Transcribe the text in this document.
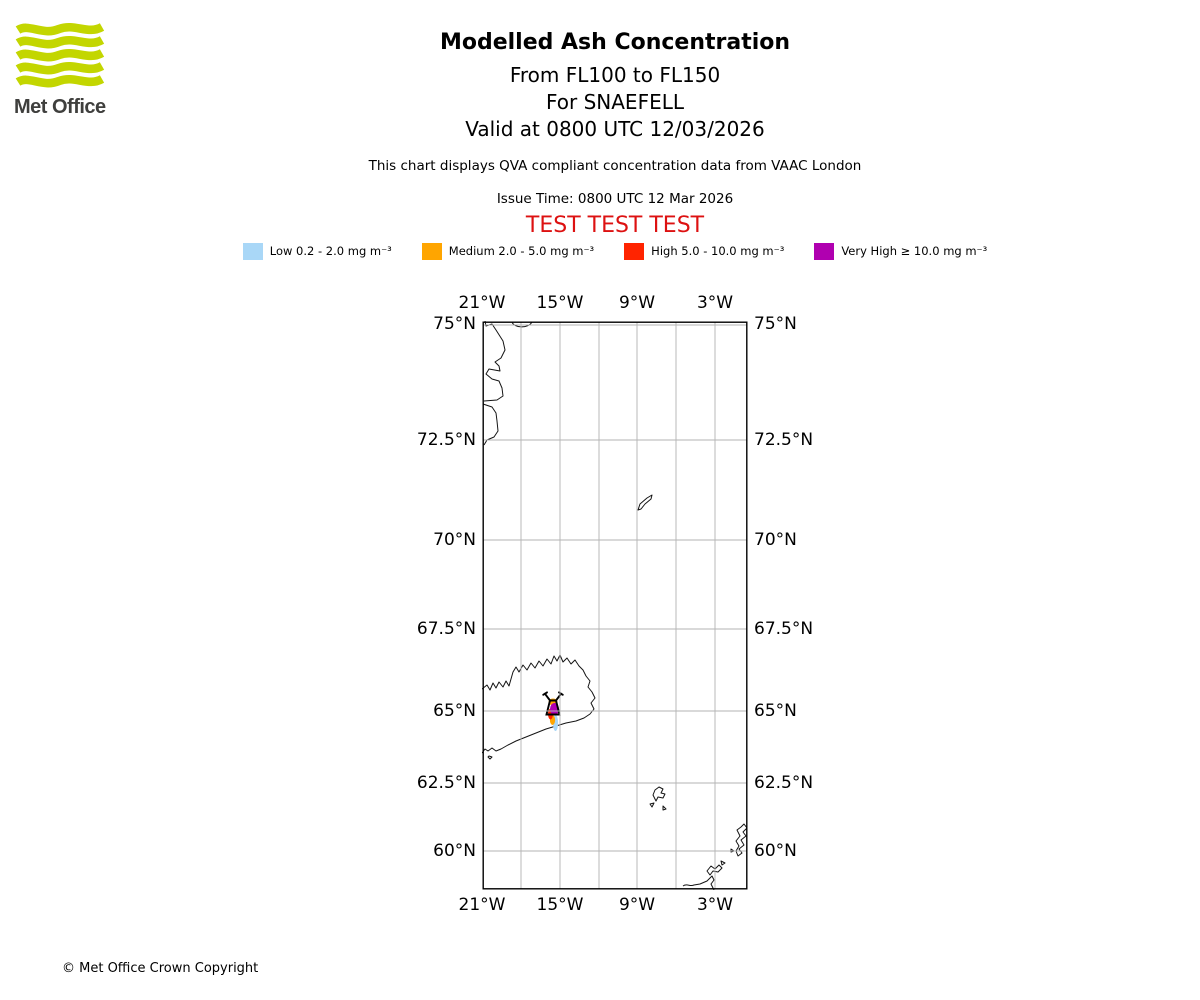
Met Office
Modelled Ash Concentration
From FL100 to FL150
For SNAEFELL
Valid at 0800 UTC 12/03/2026
This chart displays QVA compliant concentration data from VAAC London
Issue Time: 0800 UTC 12 Mar 2026
TEST TEST TEST
Low 0.2 - 2.0 mg m⁻³	Medium 2.0 - 5.0 mg m⁻³	High 5.0 - 10.0 mg m⁻³	Very High ≥ 10.0 mg m⁻³
21°W	15°W	9°W	3°W
21°W	15°W	9°W	3°W
75°N
72.5°N
70°N
67.5°N
65°N
62.5°N
60°N
75°N
72.5°N
70°N
67.5°N
65°N
62.5°N
60°N
© Met Office Crown Copyright
